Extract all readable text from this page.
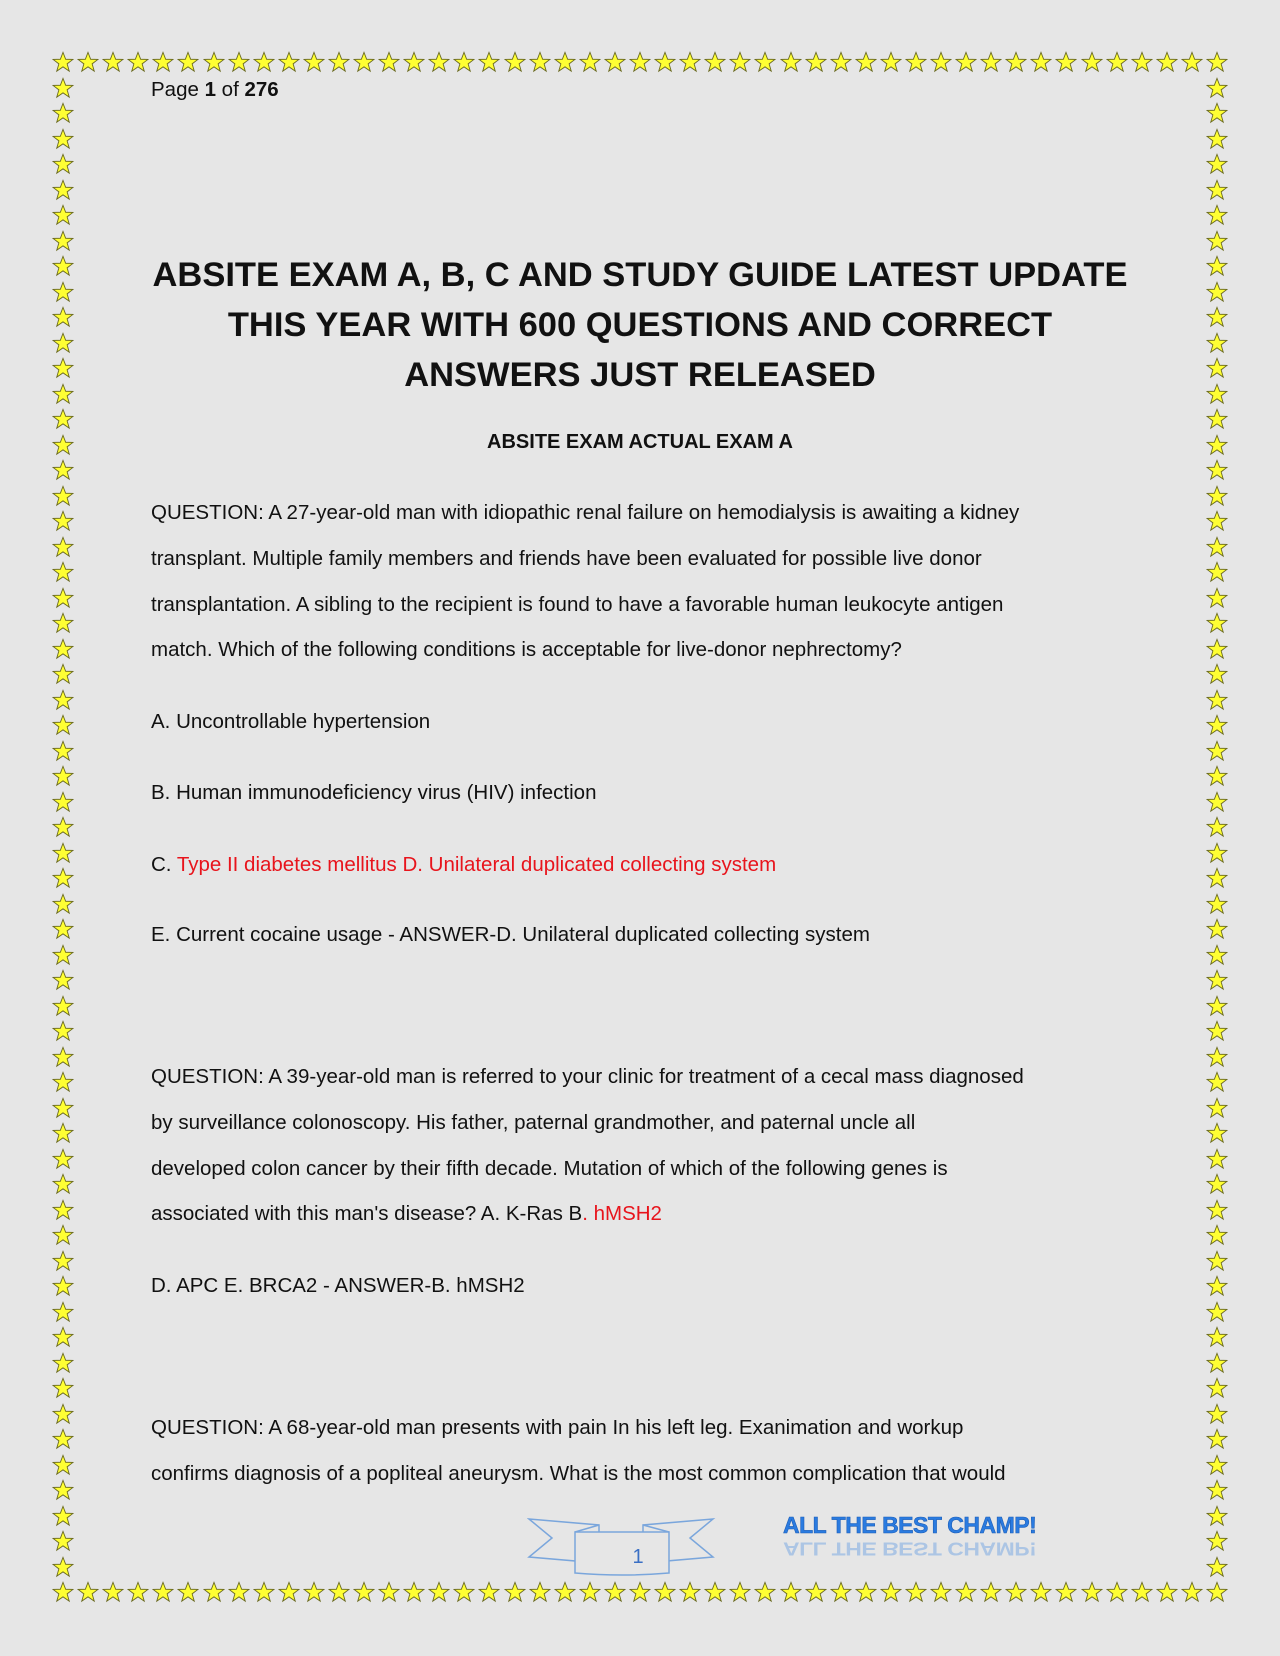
Page 1 of 276
ABSITE EXAM A, B, C AND STUDY GUIDE LATEST UPDATE
THIS YEAR WITH 600 QUESTIONS AND CORRECT
ANSWERS JUST RELEASED
ABSITE EXAM ACTUAL EXAM A
QUESTION: A 27-year-old man with idiopathic renal failure on hemodialysis is awaiting a kidney
transplant. Multiple family members and friends have been evaluated for possible live donor
transplantation. A sibling to the recipient is found to have a favorable human leukocyte antigen
match. Which of the following conditions is acceptable for live-donor nephrectomy?
A. Uncontrollable hypertension
B. Human immunodeficiency virus (HIV) infection
C. Type II diabetes mellitus D. Unilateral duplicated collecting system
E. Current cocaine usage - ANSWER-D. Unilateral duplicated collecting system
QUESTION: A 39-year-old man is referred to your clinic for treatment of a cecal mass diagnosed
by surveillance colonoscopy. His father, paternal grandmother, and paternal uncle all
developed colon cancer by their fifth decade. Mutation of which of the following genes is
associated with this man's disease? A. K-Ras B. hMSH2
D. APC E. BRCA2 - ANSWER-B. hMSH2
QUESTION: A 68-year-old man presents with pain In his left leg. Exanimation and workup
confirms diagnosis of a popliteal aneurysm. What is the most common complication that would
1
ALL THE BEST CHAMP!
ALL THE BEST CHAMP!
